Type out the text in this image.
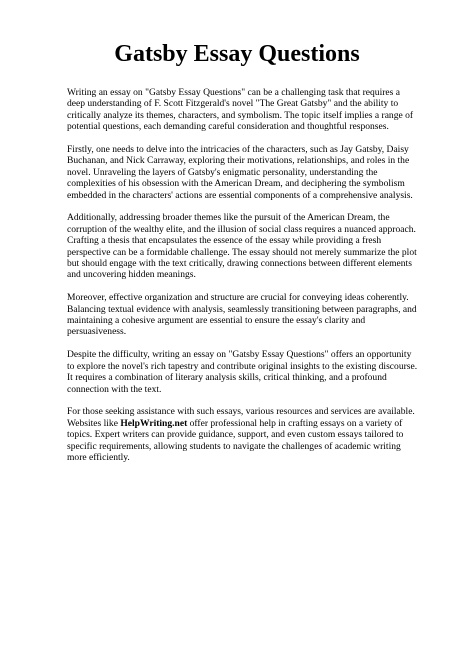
Gatsby Essay Questions

Writing an essay on "Gatsby Essay Questions" can be a challenging task that requires a deep understanding of F. Scott Fitzgerald's novel "The Great Gatsby" and the ability to critically analyze its themes, characters, and symbolism. The topic itself implies a range of potential questions, each demanding careful consideration and thoughtful responses.

Firstly, one needs to delve into the intricacies of the characters, such as Jay Gatsby, Daisy Buchanan, and Nick Carraway, exploring their motivations, relationships, and roles in the novel. Unraveling the layers of Gatsby's enigmatic personality, understanding the complexities of his obsession with the American Dream, and deciphering the symbolism embedded in the characters' actions are essential components of a comprehensive analysis.

Additionally, addressing broader themes like the pursuit of the American Dream, the corruption of the wealthy elite, and the illusion of social class requires a nuanced approach. Crafting a thesis that encapsulates the essence of the essay while providing a fresh perspective can be a formidable challenge. The essay should not merely summarize the plot but should engage with the text critically, drawing connections between different elements and uncovering hidden meanings.

Moreover, effective organization and structure are crucial for conveying ideas coherently. Balancing textual evidence with analysis, seamlessly transitioning between paragraphs, and maintaining a cohesive argument are essential to ensure the essay's clarity and persuasiveness.

Despite the difficulty, writing an essay on "Gatsby Essay Questions" offers an opportunity to explore the novel's rich tapestry and contribute original insights to the existing discourse. It requires a combination of literary analysis skills, critical thinking, and a profound connection with the text.

For those seeking assistance with such essays, various resources and services are available. Websites like HelpWriting.net offer professional help in crafting essays on a variety of topics. Expert writers can provide guidance, support, and even custom essays tailored to specific requirements, allowing students to navigate the challenges of academic writing more efficiently.
